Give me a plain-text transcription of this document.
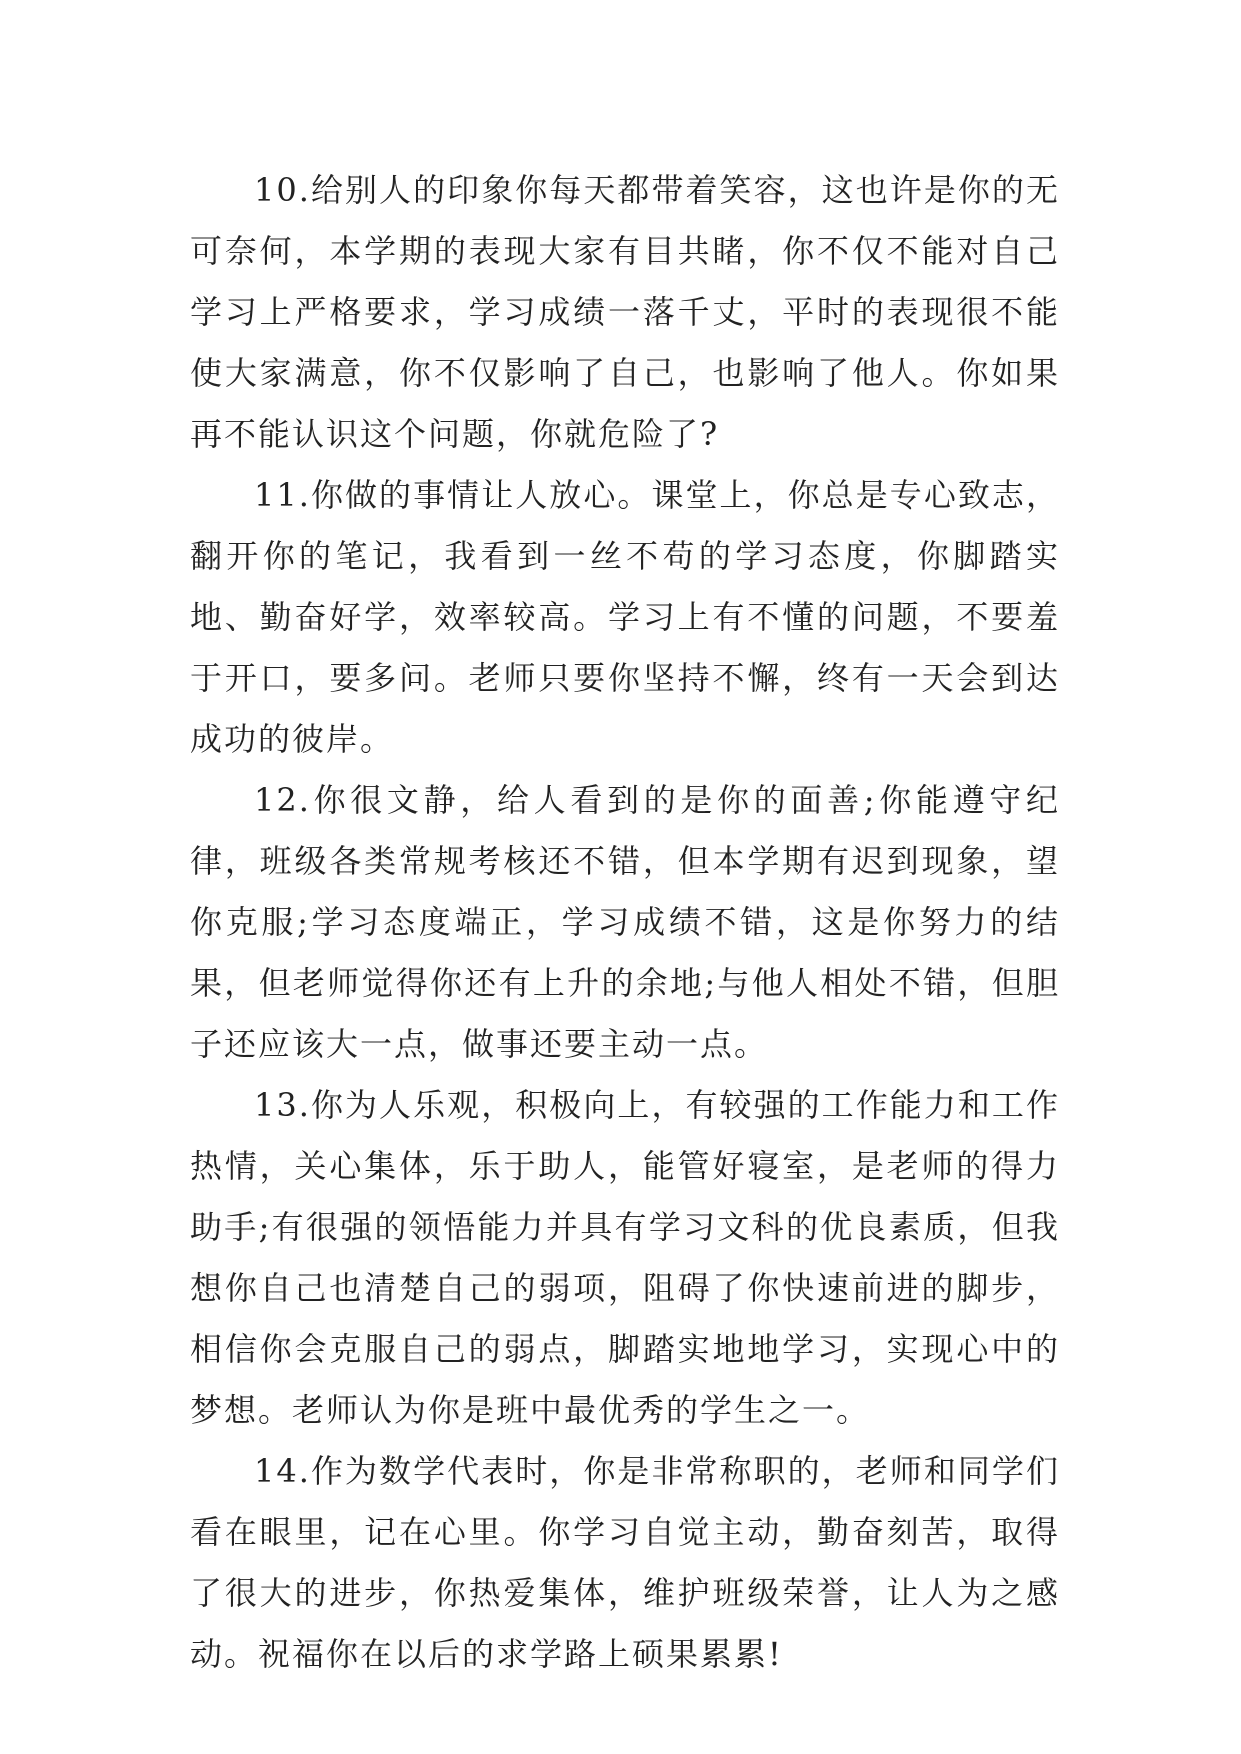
10.给别人的印象你每天都带着笑容，这也许是你的无可奈何，本学期的表现大家有目共睹，你不仅不能对自己学习上严格要求，学习成绩一落千丈，平时的表现很不能使大家满意，你不仅影响了自己，也影响了他人。你如果再不能认识这个问题，你就危险了?

11.你做的事情让人放心。课堂上，你总是专心致志，翻开你的笔记，我看到一丝不苟的学习态度，你脚踏实地、勤奋好学，效率较高。学习上有不懂的问题，不要羞于开口，要多问。老师只要你坚持不懈，终有一天会到达成功的彼岸。

12.你很文静，给人看到的是你的面善;你能遵守纪律，班级各类常规考核还不错，但本学期有迟到现象，望你克服;学习态度端正，学习成绩不错，这是你努力的结果，但老师觉得你还有上升的余地;与他人相处不错，但胆子还应该大一点，做事还要主动一点。

13.你为人乐观，积极向上，有较强的工作能力和工作热情，关心集体，乐于助人，能管好寝室，是老师的得力助手;有很强的领悟能力并具有学习文科的优良素质，但我想你自己也清楚自己的弱项，阻碍了你快速前进的脚步，相信你会克服自己的弱点，脚踏实地地学习，实现心中的梦想。老师认为你是班中最优秀的学生之一。

14.作为数学代表时，你是非常称职的，老师和同学们看在眼里，记在心里。你学习自觉主动，勤奋刻苦，取得了很大的进步，你热爱集体，维护班级荣誉，让人为之感动。祝福你在以后的求学路上硕果累累!
